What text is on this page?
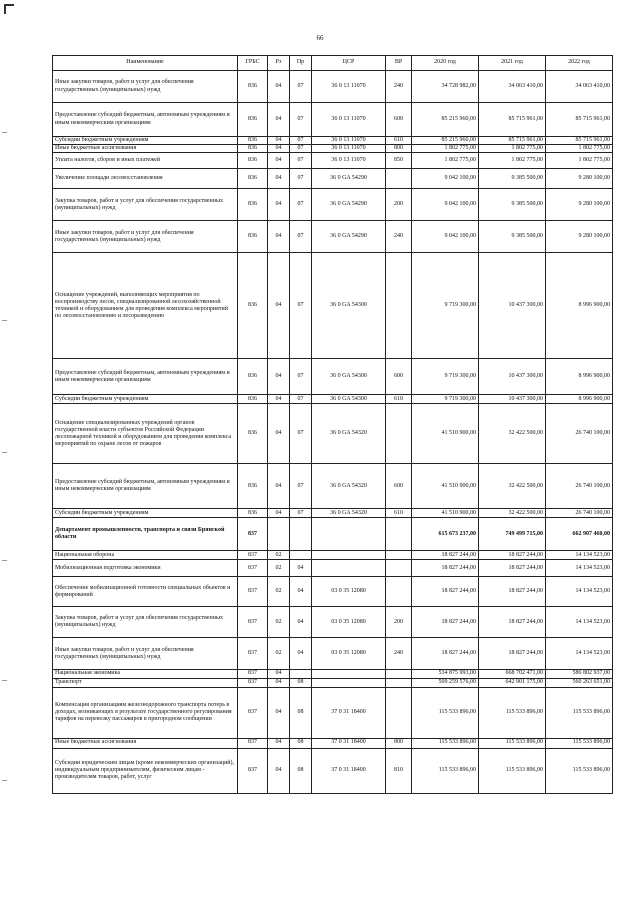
66
Наименование	ГРБС	Рз	Пр	ЦСР	ВР	2020 год	2021 год	2022 год
Иные закупки товаров, работ и услуг для обеспечения государственных (муниципальных) нужд	836	04	07	36 0 13 11070	240	34 728 982,00	34 063 410,00	34 063 410,00
Предоставление субсидий бюджетным, автономным учреждениям и иным некоммерческим организациям	836	04	07	36 0 13 11070	600	85 215 960,00	85 715 961,00	85 715 961,00
Субсидии бюджетным учреждениям	836	04	07	36 0 13 11070	610	85 215 960,00	85 715 961,00	85 715 961,00
Иные бюджетные ассигнования	836	04	07	36 0 13 11070	800	1 802 775,00	1 802 775,00	1 802 775,00
Уплата налогов, сборов и иных платежей	836	04	07	36 0 13 11070	850	1 802 775,00	1 802 775,00	1 802 775,00
Увеличение площади лесовосстановления	836	04	07	36 0 GA 54290		9 042 100,00	9 385 500,00	9 280 100,00
Закупка товаров, работ и услуг для обеспечения государственных (муниципальных) нужд	836	04	07	36 0 GA 54290	200	9 042 100,00	9 385 500,00	9 280 100,00
Иные закупки товаров, работ и услуг для обеспечения государственных (муниципальных) нужд	836	04	07	36 0 GA 54290	240	9 042 100,00	9 385 500,00	9 280 100,00
Оснащение учреждений, выполняющих мероприятия по воспроизводству лесов, специализированной лесохозяйственной техникой и оборудованием для проведения комплекса мероприятий по лесовосстановлению и лесоразведению	836	04	07	36 0 GA 54300		9 719 300,00	10 437 300,00	8 996 900,00
Предоставление субсидий бюджетным, автономным учреждениям и иным некоммерческим организациям	836	04	07	36 0 GA 54300	600	9 719 300,00	10 437 300,00	8 996 900,00
Субсидии бюджетным учреждениям	836	04	07	36 0 GA 54300	610	9 719 300,00	10 437 300,00	8 996 900,00
Оснащение специализированных учреждений органов государственной власти субъектов Российской Федерации лесопожарной техникой и оборудованием для проведения комплекса мероприятий по охране лесов от пожаров	836	04	07	36 0 GA 54320		41 510 900,00	32 422 500,00	26 740 100,00
Предоставление субсидий бюджетным, автономным учреждениям и иным некоммерческим организациям	836	04	07	36 0 GA 54320	600	41 510 900,00	32 422 500,00	26 740 100,00
Субсидии бюджетным учреждениям	836	04	07	36 0 GA 54320	610	41 510 900,00	32 422 500,00	26 740 100,00
Департамент промышленности, транспорта и связи Брянской области	837					615 673 237,00	749 499 715,00	662 907 460,00
Национальная оборона	837	02				18 827 244,00	18 827 244,00	14 134 523,00
Мобилизационная подготовка экономики	837	02	04			18 827 244,00	18 827 244,00	14 134 523,00
Обеспечение мобилизационной готовности специальных объектов и формирований	837	02	04	03 0 35 12080		18 827 244,00	18 827 244,00	14 134 523,00
Закупка товаров, работ и услуг для обеспечения государственных (муниципальных) нужд	837	02	04	03 0 35 12080	200	18 827 244,00	18 827 244,00	14 134 523,00
Иные закупки товаров, работ и услуг для обеспечения государственных (муниципальных) нужд	837	02	04	03 0 35 12080	240	18 827 244,00	18 827 244,00	14 134 523,00
Национальная экономика	837	04				534 875 993,00	668 702 471,00	586 802 937,00
Транспорт	837	04	08			509 259 576,00	642 901 175,00	560 263 651,00
Компенсация организациям железнодорожного транспорта потерь в доходах, возникающих в результате государственного регулирования тарифов на перевозку пассажиров в пригородном сообщении	837	04	08	37 0 31 18400		115 533 896,00	115 533 896,00	115 533 896,00
Иные бюджетные ассигнования	837	04	08	37 0 31 18400	800	115 533 896,00	115 533 896,00	115 533 896,00
Субсидии юридическим лицам (кроме некоммерческих организаций), индивидуальным предпринимателям, физическим лицам - производителям товаров, работ, услуг	837	04	08	37 0 31 18400	810	115 533 896,00	115 533 896,00	115 533 896,00
